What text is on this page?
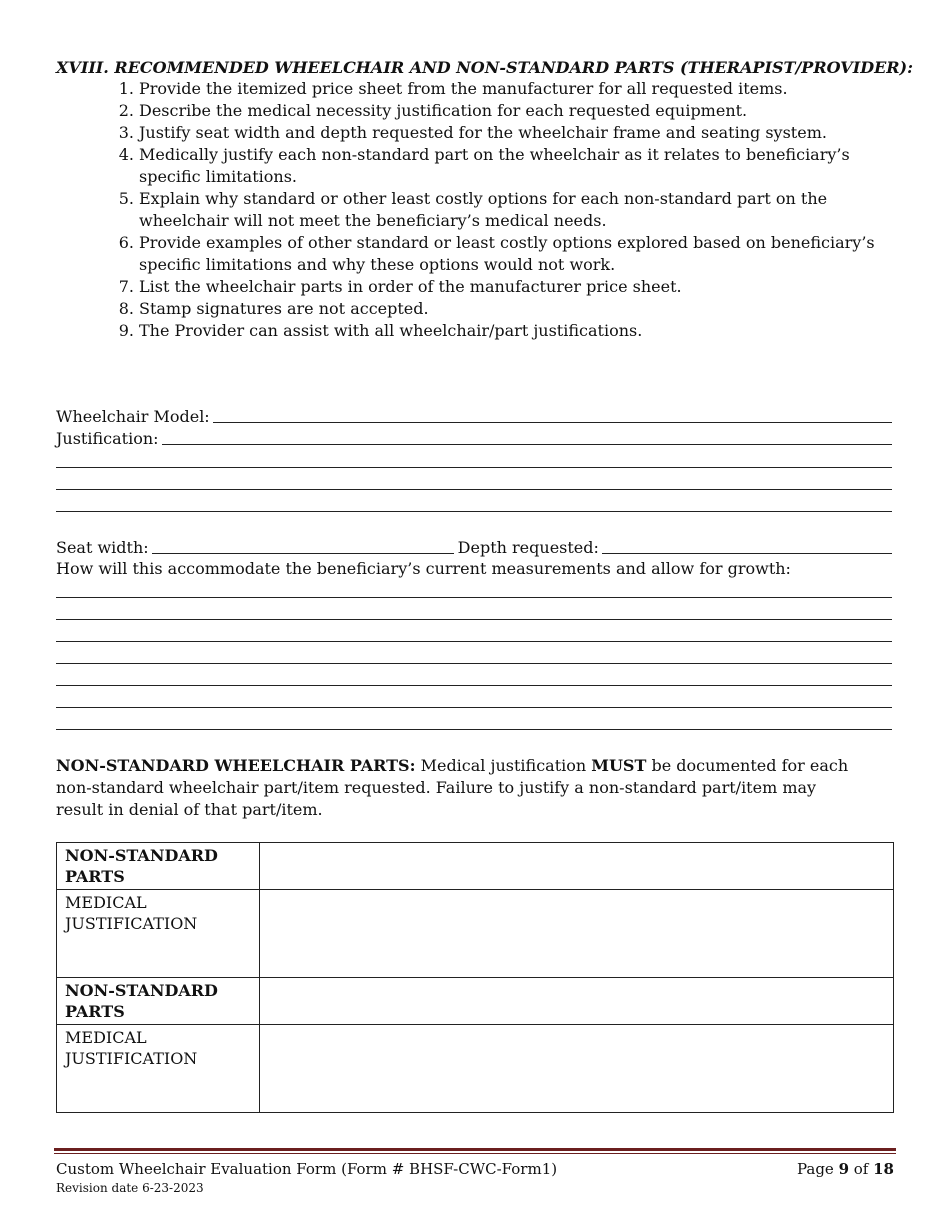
XVIII. RECOMMENDED WHEELCHAIR AND NON-STANDARD PARTS (THERAPIST/PROVIDER):
1. Provide the itemized price sheet from the manufacturer for all requested items.
2. Describe the medical necessity justification for each requested equipment.
3. Justify seat width and depth requested for the wheelchair frame and seating system.
4. Medically justify each non-standard part on the wheelchair as it relates to beneficiary’s specific limitations.
5. Explain why standard or other least costly options for each non-standard part on the wheelchair will not meet the beneficiary’s medical needs.
6. Provide examples of other standard or least costly options explored based on beneficiary’s specific limitations and why these options would not work.
7. List the wheelchair parts in order of the manufacturer price sheet.
8. Stamp signatures are not accepted.
9. The Provider can assist with all wheelchair/part justifications.
Wheelchair Model:
Justification:
Seat width:	Depth requested:
How will this accommodate the beneficiary’s current measurements and allow for growth:
NON-STANDARD WHEELCHAIR PARTS: Medical justification MUST be documented for each non-standard wheelchair part/item requested. Failure to justify a non-standard part/item may result in denial of that part/item.
NON-STANDARD PARTS	
MEDICAL JUSTIFICATION	
NON-STANDARD PARTS	
MEDICAL JUSTIFICATION	
Custom Wheelchair Evaluation Form (Form # BHSF-CWC-Form1)
Revision date 6-23-2023
Page 9 of 18
